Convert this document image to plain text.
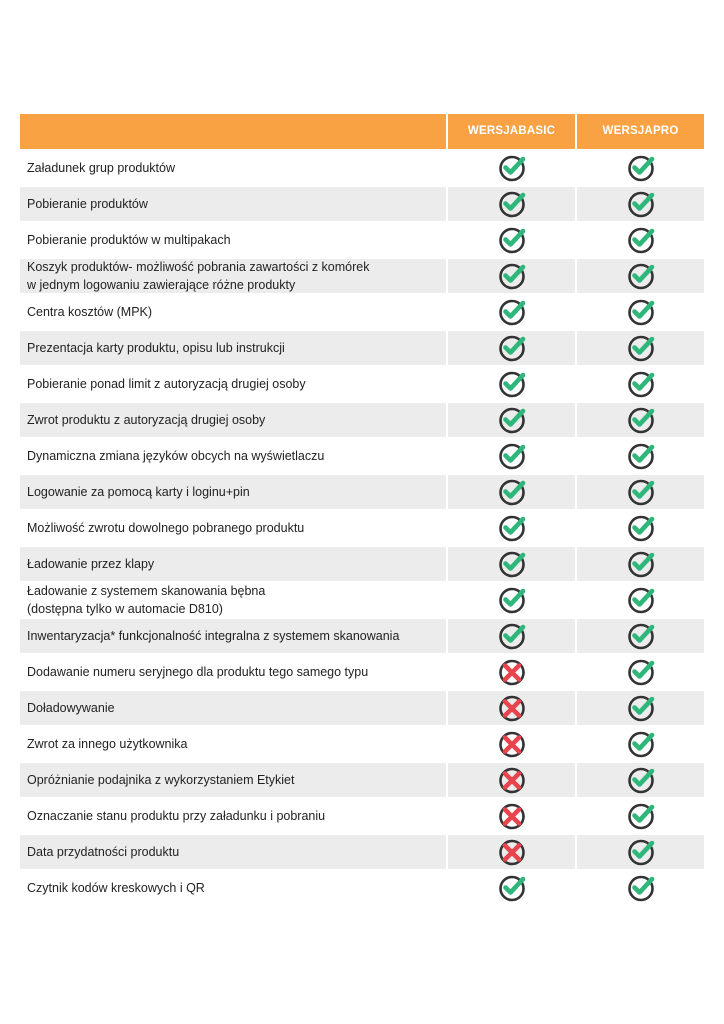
WERSJA BASIC	WERSJA PRO
Załadunek grup produktów
Pobieranie produktów
Pobieranie produktów w multipakach
Koszyk produktów- możliwość pobrania zawartości z komórek
w jednym logowaniu zawierające różne produkty
Centra kosztów (MPK)
Prezentacja karty produktu, opisu lub instrukcji
Pobieranie ponad limit z autoryzacją drugiej osoby
Zwrot produktu z autoryzacją drugiej osoby
Dynamiczna zmiana języków obcych na wyświetlaczu
Logowanie za pomocą karty i loginu+pin
Możliwość zwrotu dowolnego pobranego produktu
Ładowanie przez klapy
Ładowanie z systemem skanowania bębna
(dostępna tylko w automacie D810)
Inwentaryzacja* funkcjonalność integralna z systemem skanowania
Dodawanie numeru seryjnego dla produktu tego samego typu
Doładowywanie
Zwrot za innego użytkownika
Opróżnianie podajnika z wykorzystaniem Etykiet
Oznaczanie stanu produktu przy załadunku i pobraniu
Data przydatności produktu
Czytnik kodów kreskowych i QR
